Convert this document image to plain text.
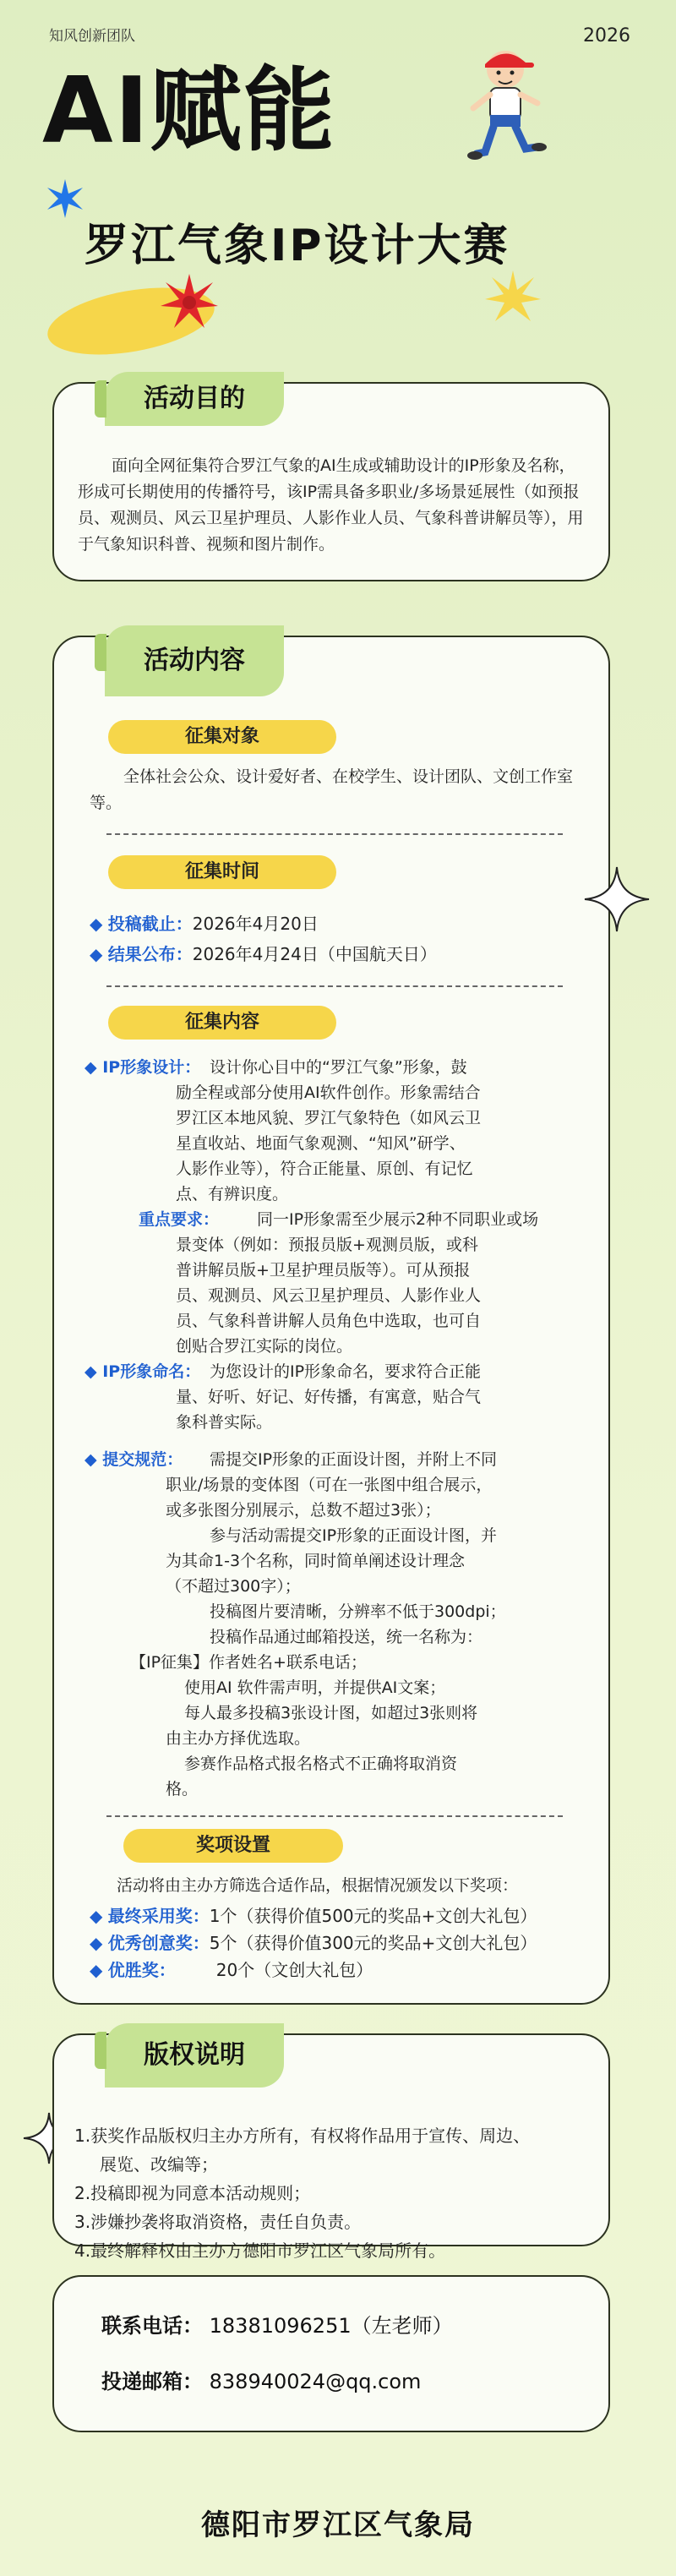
知风创新团队	2026
AI赋能
罗江气象IP设计大赛
活动目的
面向全网征集符合罗江气象的AI生成或辅助设计的IP形象及名称，形成可长期使用的传播符号，该IP需具备多职业/多场景延展性（如预报员、观测员、风云卫星护理员、人影作业人员、气象科普讲解员等），用于气象知识科普、视频和图片制作。
活动内容
征集对象
全体社会公众、设计爱好者、在校学生、设计团队、文创工作室等。
征集时间
◆ 投稿截止：2026年4月20日
◆ 结果公布：2026年4月24日（中国航天日）
征集内容
◆ IP形象设计： 设计你心目中的“罗江气象”形象，鼓
励全程或部分使用AI软件创作。形象需结合
罗江区本地风貌、罗江气象特色（如风云卫
星直收站、地面气象观测、“知风”研学、
人影作业等），符合正能量、原创、有记忆
点、有辨识度。
重点要求：	同一IP形象需至少展示2种不同职业或场
景变体（例如：预报员版+观测员版，或科
普讲解员版+卫星护理员版等）。可从预报
员、观测员、风云卫星护理员、人影作业人
员、气象科普讲解人员角色中选取，也可自
创贴合罗江实际的岗位。
◆ IP形象命名： 为您设计的IP形象命名，要求符合正能
量、好听、好记、好传播，有寓意，贴合气
象科普实际。
◆ 提交规范：	需提交IP形象的正面设计图，并附上不同
职业/场景的变体图（可在一张图中组合展示，
或多张图分别展示，总数不超过3张）；
参与活动需提交IP形象的正面设计图，并
为其命1-3个名称，同时简单阐述设计理念
（不超过300字）；
投稿图片要清晰，分辨率不低于300dpi；
投稿作品通过邮箱投送，统一名称为：
【IP征集】作者姓名+联系电话；
使用AI 软件需声明，并提供AI文案；
每人最多投稿3张设计图，如超过3张则将
由主办方择优选取。
参赛作品格式报名格式不正确将取消资
格。
奖项设置
活动将由主办方筛选合适作品，根据情况颁发以下奖项：
◆ 最终采用奖：1个（获得价值500元的奖品+文创大礼包）
◆ 优秀创意奖：5个（获得价值300元的奖品+文创大礼包）
◆ 优胜奖： 20个（文创大礼包）
版权说明
1.获奖作品版权归主办方所有，有权将作品用于宣传、周边、
展览、改编等；
2.投稿即视为同意本活动规则；
3.涉嫌抄袭将取消资格，责任自负责。
4.最终解释权由主办方德阳市罗江区气象局所有。
联系电话： 18381096251（左老师）
投递邮箱： 838940024@qq.com
德阳市罗江区气象局
